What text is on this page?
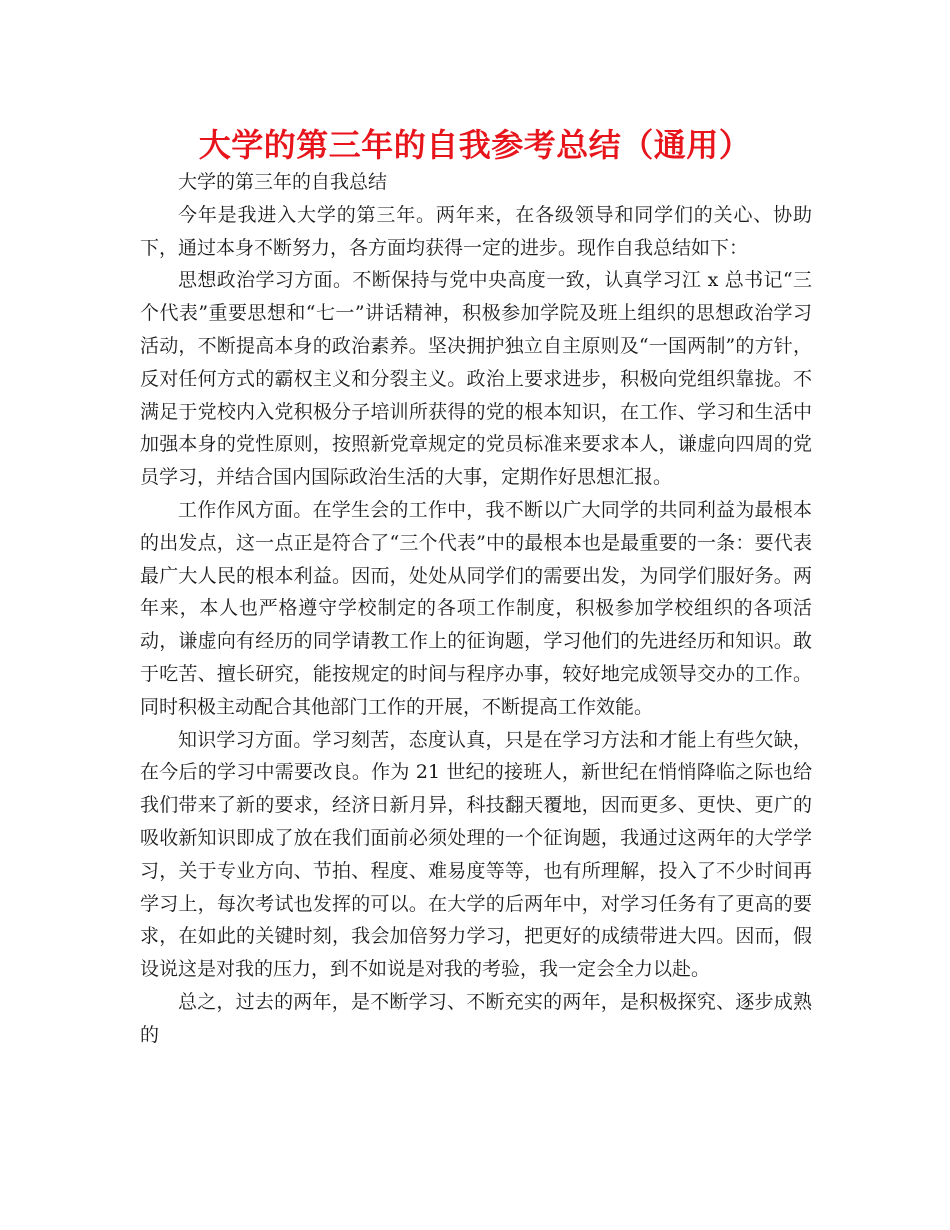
大学的第三年的自我参考总结（通用）

大学的第三年的自我总结

今年是我进入大学的第三年。两年来，在各级领导和同学们的关心、协助下，通过本身不断努力，各方面均获得一定的进步。现作自我总结如下：

思想政治学习方面。不断保持与党中央高度一致，认真学习江 x 总书记“三个代表”重要思想和“七一”讲话精神，积极参加学院及班上组织的思想政治学习活动，不断提高本身的政治素养。坚决拥护独立自主原则及“一国两制”的方针，反对任何方式的霸权主义和分裂主义。政治上要求进步，积极向党组织靠拢。不满足于党校内入党积极分子培训所获得的党的根本知识，在工作、学习和生活中加强本身的党性原则，按照新党章规定的党员标准来要求本人，谦虚向四周的党员学习，并结合国内国际政治生活的大事，定期作好思想汇报。

工作作风方面。在学生会的工作中，我不断以广大同学的共同利益为最根本的出发点，这一点正是符合了“三个代表”中的最根本也是最重要的一条：要代表最广大人民的根本利益。因而，处处从同学们的需要出发，为同学们服好务。两年来，本人也严格遵守学校制定的各项工作制度，积极参加学校组织的各项活动，谦虚向有经历的同学请教工作上的征询题，学习他们的先进经历和知识。敢于吃苦、擅长研究，能按规定的时间与程序办事，较好地完成领导交办的工作。同时积极主动配合其他部门工作的开展，不断提高工作效能。

知识学习方面。学习刻苦，态度认真，只是在学习方法和才能上有些欠缺，在今后的学习中需要改良。作为 21 世纪的接班人，新世纪在悄悄降临之际也给我们带来了新的要求，经济日新月异，科技翻天覆地，因而更多、更快、更广的吸收新知识即成了放在我们面前必须处理的一个征询题，我通过这两年的大学学习，关于专业方向、节拍、程度、难易度等等，也有所理解，投入了不少时间再学习上，每次考试也发挥的可以。在大学的后两年中，对学习任务有了更高的要求，在如此的关键时刻，我会加倍努力学习，把更好的成绩带进大四。因而，假设说这是对我的压力，到不如说是对我的考验，我一定会全力以赴。

总之，过去的两年，是不断学习、不断充实的两年，是积极探究、逐步成熟的
